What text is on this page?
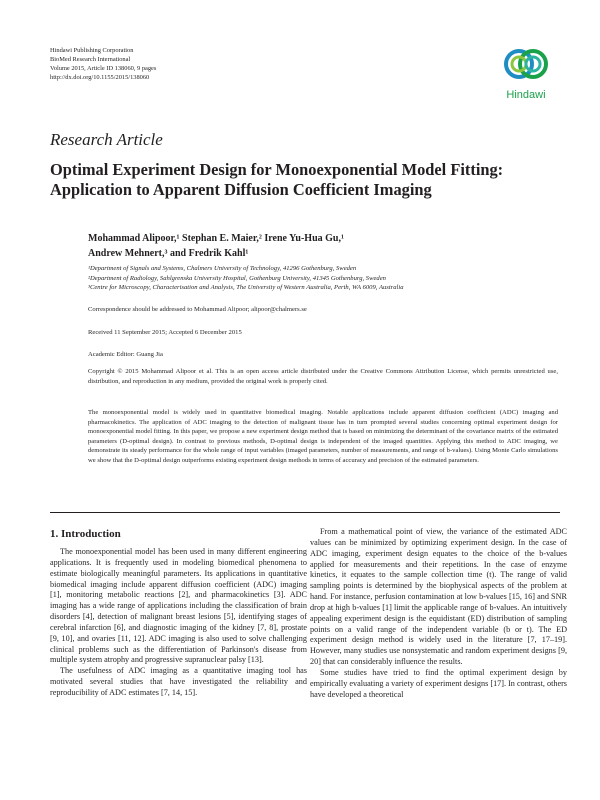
Hindawi Publishing Corporation
BioMed Research International
Volume 2015, Article ID 138060, 9 pages
http://dx.doi.org/10.1155/2015/138060
Hindawi
Research Article
Optimal Experiment Design for Monoexponential Model Fitting:
Application to Apparent Diffusion Coefficient Imaging
Mohammad Alipoor,¹ Stephan E. Maier,² Irene Yu-Hua Gu,¹
Andrew Mehnert,³ and Fredrik Kahl¹
¹Department of Signals and Systems, Chalmers University of Technology, 41296 Gothenburg, Sweden
²Department of Radiology, Sahlgrenska University Hospital, Gothenburg University, 41345 Gothenburg, Sweden
³Centre for Microscopy, Characterisation and Analysis, The University of Western Australia, Perth, WA 6009, Australia
Correspondence should be addressed to Mohammad Alipoor; alipoor@chalmers.se
Received 11 September 2015; Accepted 6 December 2015
Academic Editor: Guang Jia
Copyright © 2015 Mohammad Alipoor et al. This is an open access article distributed under the Creative Commons Attribution License, which permits unrestricted use, distribution, and reproduction in any medium, provided the original work is properly cited.
The monoexponential model is widely used in quantitative biomedical imaging. Notable applications include apparent diffusion coefficient (ADC) imaging and pharmacokinetics. The application of ADC imaging to the detection of malignant tissue has in turn prompted several studies concerning optimal experiment design for monoexponential model fitting. In this paper, we propose a new experiment design method that is based on minimizing the determinant of the covariance matrix of the estimated parameters (D-optimal design). In contrast to previous methods, D-optimal design is independent of the imaged quantities. Applying this method to ADC imaging, we demonstrate its steady performance for the whole range of input variables (imaged parameters, number of measurements, and range of b-values). Using Monte Carlo simulations we show that the D-optimal design outperforms existing experiment design methods in terms of accuracy and precision of the estimated parameters.
1. Introduction

The monoexponential model has been used in many different engineering applications. It is frequently used in modeling biomedical phenomena to estimate biologically meaningful parameters. Its applications in quantitative biomedical imaging include apparent diffusion coefficient (ADC) imaging [1], monitoring metabolic reactions [2], and pharmacokinetics [3]. ADC imaging has a wide range of applications including the classification of brain disorders [4], detection of malignant breast lesions [5], identifying stages of cerebral infarction [6], and diagnostic imaging of the kidney [7, 8], prostate [9, 10], and ovaries [11, 12]. ADC imaging is also used to solve challenging clinical problems such as the differentiation of Parkinson's disease from multiple system atrophy and progressive supranuclear palsy [13].

The usefulness of ADC imaging as a quantitative imaging tool has motivated several studies that have investigated the reliability and reproducibility of ADC estimates [7, 14, 15].

From a mathematical point of view, the variance of the estimated ADC values can be minimized by optimizing experiment design. In the case of ADC imaging, experiment design equates to the choice of the b-values applied for measurements and their repetitions. In the case of enzyme kinetics, it equates to the sample collection time (t). The range of valid sampling points is determined by the biophysical aspects of the problem at hand. For instance, perfusion contamination at low b-values [15, 16] and SNR drop at high b-values [1] limit the applicable range of b-values. An intuitively appealing experiment design is the equidistant (ED) distribution of sampling points on a valid range of the independent variable (b or t). The ED experiment design method is widely used in the literature [7, 17–19]. However, many studies use nonsystematic and random experiment designs [9, 20] that can considerably influence the results.

Some studies have tried to find the optimal experiment design by empirically evaluating a variety of experiment designs [17]. In contrast, others have developed a theoretical
